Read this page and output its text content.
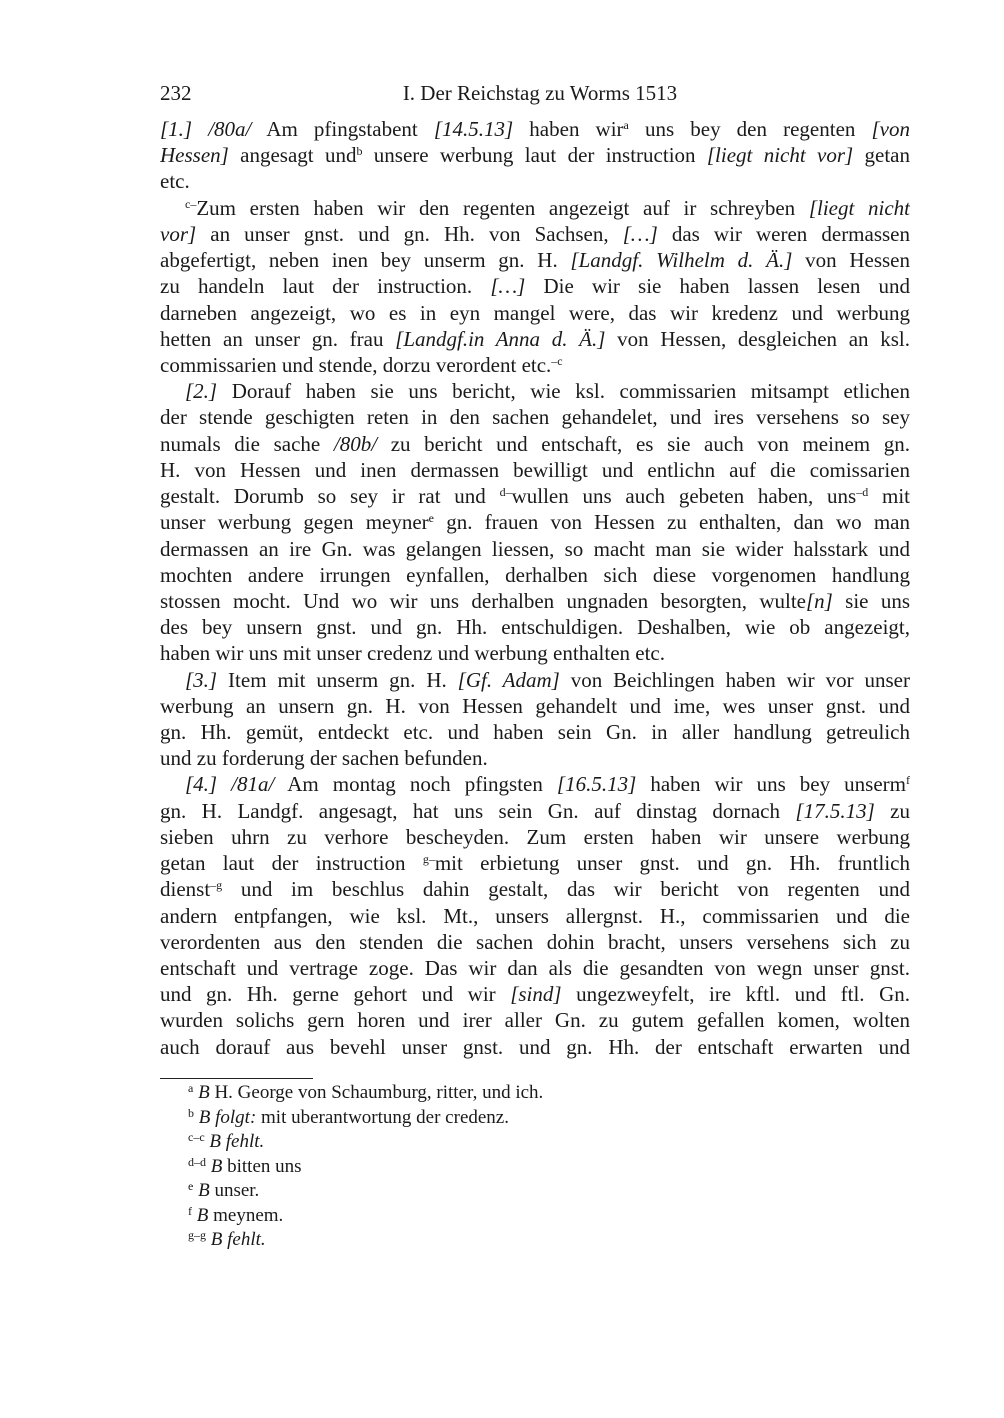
232	I. Der Reichstag zu Worms 1513
[1.] /80a/ Am pfingstabent [14.5.13] haben wir$^a$ uns bey den regenten [von
Hessen] angesagt und$^b$ unsere werbung laut der instruction [liegt nicht vor] getan
etc.
$^{c-}$Zum ersten haben wir den regenten angezeigt auf ir schreyben [liegt nicht
vor] an unser gnst. und gn. Hh. von Sachsen, […] das wir weren dermassen
abgefertigt, neben inen bey unserm gn. H. [Landgf. Wilhelm d. Ä.] von Hessen
zu handeln laut der instruction. […] Die wir sie haben lassen lesen und
darneben angezeigt, wo es in eyn mangel were, das wir kredenz und werbung
hetten an unser gn. frau [Landgf.in Anna d. Ä.] von Hessen, desgleichen an ksl.
commissarien und stende, dorzu verordent etc.$^{-c}$
[2.] Dorauf haben sie uns bericht, wie ksl. commissarien mitsampt etlichen
der stende geschigten reten in den sachen gehandelet, und ires versehens so sey
numals die sache /80b/ zu bericht und entschaft, es sie auch von meinem gn.
H. von Hessen und inen dermassen bewilligt und entlichn auf die comissarien
gestalt. Dorumb so sey ir rat und $^{d-}$wullen uns auch gebeten haben, uns$^{-d}$ mit
unser werbung gegen meyner$^e$ gn. frauen von Hessen zu enthalten, dan wo man
dermassen an ire Gn. was gelangen liessen, so macht man sie wider halsstark und
mochten andere irrungen eynfallen, derhalben sich diese vorgenomen handlung
stossen mocht. Und wo wir uns derhalben ungnaden besorgten, wulte[n] sie uns
des bey unsern gnst. und gn. Hh. entschuldigen. Deshalben, wie ob angezeigt,
haben wir uns mit unser credenz und werbung enthalten etc.
[3.] Item mit unserm gn. H. [Gf. Adam] von Beichlingen haben wir vor unser
werbung an unsern gn. H. von Hessen gehandelt und ime, wes unser gnst. und
gn. Hh. gemüt, entdeckt etc. und haben sein Gn. in aller handlung getreulich
und zu forderung der sachen befunden.
[4.] /81a/ Am montag noch pfingsten [16.5.13] haben wir uns bey unserm$^f$
gn. H. Landgf. angesagt, hat uns sein Gn. auf dinstag dornach [17.5.13] zu
sieben uhrn zu verhore bescheyden. Zum ersten haben wir unsere werbung
getan laut der instruction $^{g-}$mit erbietung unser gnst. und gn. Hh. fruntlich
dienst$^{-g}$ und im beschlus dahin gestalt, das wir bericht von regenten und
andern entpfangen, wie ksl. Mt., unsers allergnst. H., commissarien und die
verordenten aus den stenden die sachen dohin bracht, unsers versehens sich zu
entschaft und vertrage zoge. Das wir dan als die gesandten von wegn unser gnst.
und gn. Hh. gerne gehort und wir [sind] ungezweyfelt, ire kftl. und ftl. Gn.
wurden solichs gern horen und irer aller Gn. zu gutem gefallen komen, wolten
auch dorauf aus bevehl unser gnst. und gn. Hh. der entschaft erwarten und
$^a$ B H. George von Schaumburg, ritter, und ich.
$^b$ B folgt: mit uberantwortung der credenz.
$^{c-c}$ B fehlt.
$^{d-d}$ B bitten uns
$^e$ B unser.
$^f$ B meynem.
$^{g-g}$ B fehlt.
